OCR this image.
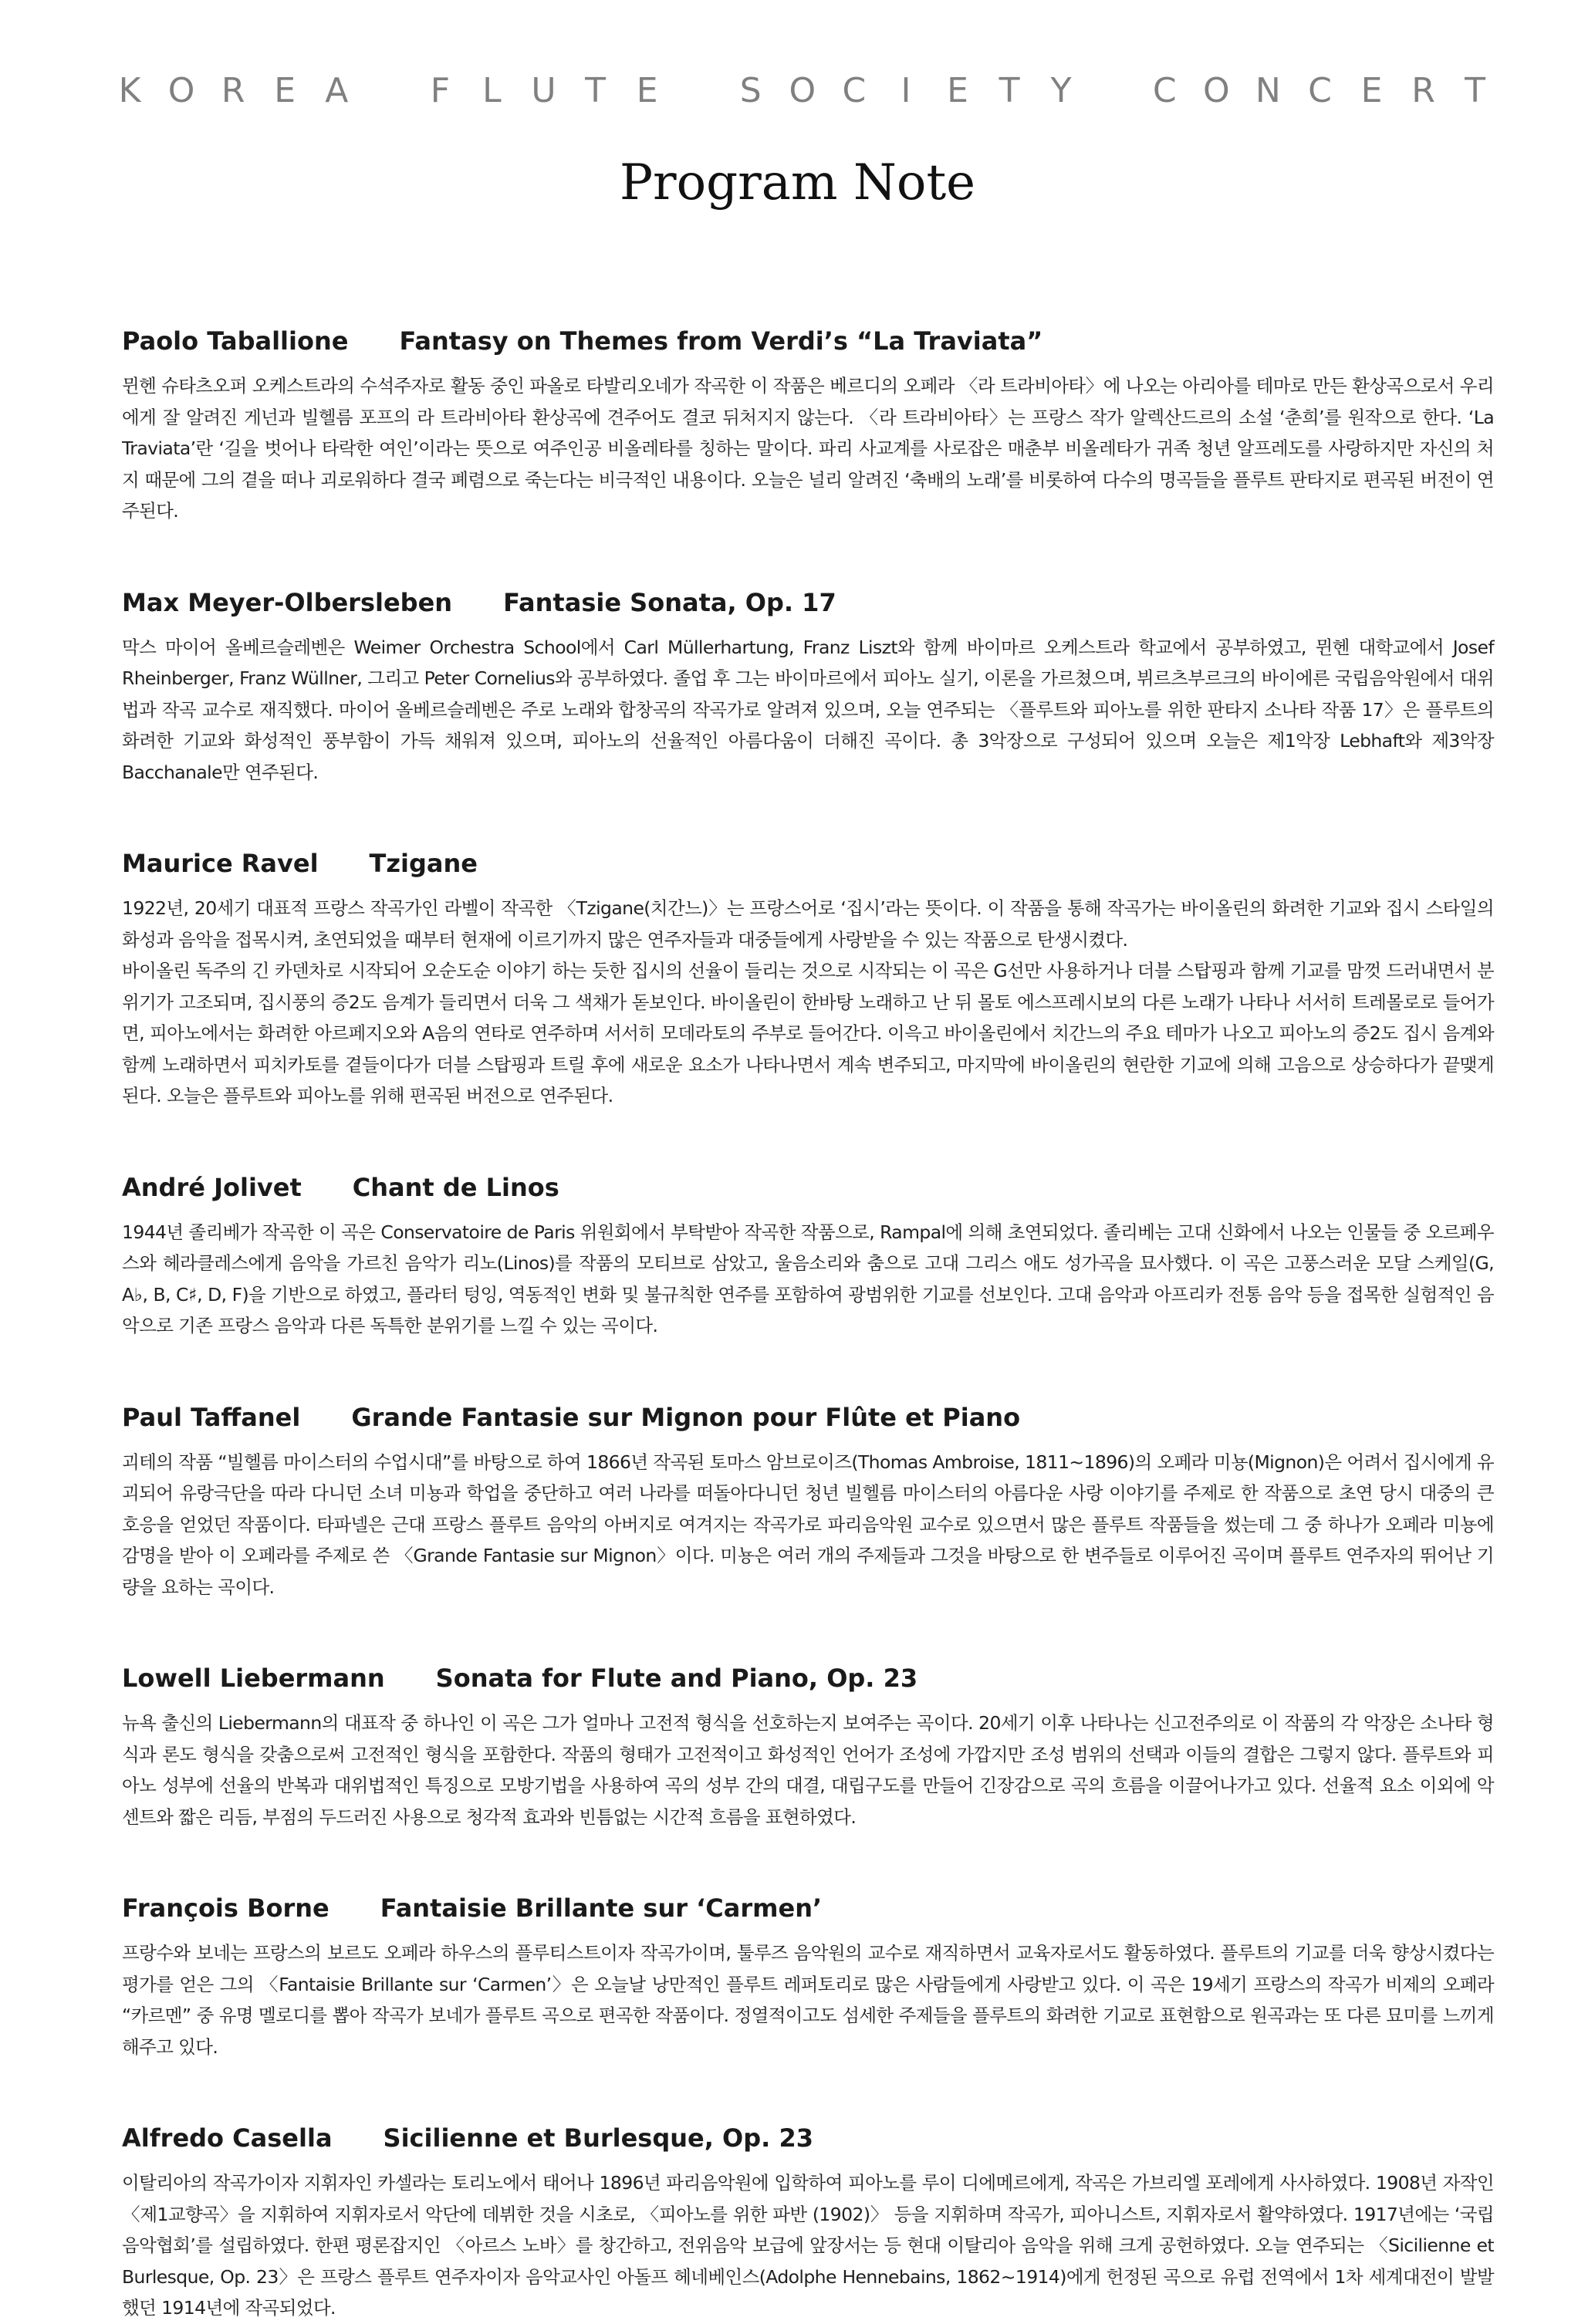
K O R E A F L U T E S O C I E T Y C O N C E R T
Program Note
Paolo Taballione Fantasy on Themes from Verdi’s “La Traviata”

뮌헨 슈타츠오퍼 오케스트라의 수석주자로 활동 중인 파올로 타발리오네가 작곡한 이 작품은 베르디의 오페라 〈라 트라비아타〉에 나오는 아리아를 테마로 만든 환상곡으로서 우리에게 잘 알려진 게넌과 빌헬름 포프의 라 트라비아타 환상곡에 견주어도 결코 뒤처지지 않는다. 〈라 트라비아타〉는 프랑스 작가 알렉산드르의 소설 ‘춘희’를 원작으로 한다. ‘La Traviata’란 ‘길을 벗어나 타락한 여인’이라는 뜻으로 여주인공 비올레타를 칭하는 말이다. 파리 사교계를 사로잡은 매춘부 비올레타가 귀족 청년 알프레도를 사랑하지만 자신의 처지 때문에 그의 곁을 떠나 괴로워하다 결국 폐렴으로 죽는다는 비극적인 내용이다. 오늘은 널리 알려진 ‘축배의 노래’를 비롯하여 다수의 명곡들을 플루트 판타지로 편곡된 버전이 연주된다.

Max Meyer-Olbersleben Fantasie Sonata, Op. 17

막스 마이어 올베르슬레벤은 Weimer Orchestra School에서 Carl Müllerhartung, Franz Liszt와 함께 바이마르 오케스트라 학교에서 공부하였고, 뮌헨 대학교에서 Josef Rheinberger, Franz Wüllner, 그리고 Peter Cornelius와 공부하였다. 졸업 후 그는 바이마르에서 피아노 실기, 이론을 가르쳤으며, 뷔르츠부르크의 바이에른 국립음악원에서 대위법과 작곡 교수로 재직했다. 마이어 올베르슬레벤은 주로 노래와 합창곡의 작곡가로 알려져 있으며, 오늘 연주되는 〈플루트와 피아노를 위한 판타지 소나타 작품 17〉은 플루트의 화려한 기교와 화성적인 풍부함이 가득 채워져 있으며, 피아노의 선율적인 아름다움이 더해진 곡이다. 총 3악장으로 구성되어 있으며 오늘은 제1악장 Lebhaft와 제3악장 Bacchanale만 연주된다.

Maurice Ravel Tzigane

1922년, 20세기 대표적 프랑스 작곡가인 라벨이 작곡한 〈Tzigane(치간느)〉는 프랑스어로 ‘집시’라는 뜻이다. 이 작품을 통해 작곡가는 바이올린의 화려한 기교와 집시 스타일의 화성과 음악을 접목시켜, 초연되었을 때부터 현재에 이르기까지 많은 연주자들과 대중들에게 사랑받을 수 있는 작품으로 탄생시켰다.

바이올린 독주의 긴 카덴차로 시작되어 오순도순 이야기 하는 듯한 집시의 선율이 들리는 것으로 시작되는 이 곡은 G선만 사용하거나 더블 스탑핑과 함께 기교를 맘껏 드러내면서 분위기가 고조되며, 집시풍의 증2도 음계가 들리면서 더욱 그 색채가 돋보인다. 바이올린이 한바탕 노래하고 난 뒤 몰토 에스프레시보의 다른 노래가 나타나 서서히 트레몰로로 들어가면, 피아노에서는 화려한 아르페지오와 A음의 연타로 연주하며 서서히 모데라토의 주부로 들어간다. 이윽고 바이올린에서 치간느의 주요 테마가 나오고 피아노의 증2도 집시 음계와 함께 노래하면서 피치카토를 곁들이다가 더블 스탑핑과 트릴 후에 새로운 요소가 나타나면서 계속 변주되고, 마지막에 바이올린의 현란한 기교에 의해 고음으로 상승하다가 끝맺게 된다. 오늘은 플루트와 피아노를 위해 편곡된 버전으로 연주된다.

André Jolivet Chant de Linos

1944년 졸리베가 작곡한 이 곡은 Conservatoire de Paris 위원회에서 부탁받아 작곡한 작품으로, Rampal에 의해 초연되었다. 졸리베는 고대 신화에서 나오는 인물들 중 오르페우스와 헤라클레스에게 음악을 가르친 음악가 리노(Linos)를 작품의 모티브로 삼았고, 울음소리와 춤으로 고대 그리스 애도 성가곡을 묘사했다. 이 곡은 고풍스러운 모달 스케일(G, A♭, B, C♯, D, F)을 기반으로 하였고, 플라터 텅잉, 역동적인 변화 및 불규칙한 연주를 포함하여 광범위한 기교를 선보인다. 고대 음악과 아프리카 전통 음악 등을 접목한 실험적인 음악으로 기존 프랑스 음악과 다른 독특한 분위기를 느낄 수 있는 곡이다.

Paul Taffanel Grande Fantasie sur Mignon pour Flûte et Piano

괴테의 작품 “빌헬름 마이스터의 수업시대”를 바탕으로 하여 1866년 작곡된 토마스 암브로이즈(Thomas Ambroise, 1811~1896)의 오페라 미뇽(Mignon)은 어려서 집시에게 유괴되어 유랑극단을 따라 다니던 소녀 미뇽과 학업을 중단하고 여러 나라를 떠돌아다니던 청년 빌헬름 마이스터의 아름다운 사랑 이야기를 주제로 한 작품으로 초연 당시 대중의 큰 호응을 얻었던 작품이다. 타파넬은 근대 프랑스 플루트 음악의 아버지로 여겨지는 작곡가로 파리음악원 교수로 있으면서 많은 플루트 작품들을 썼는데 그 중 하나가 오페라 미뇽에 감명을 받아 이 오페라를 주제로 쓴 〈Grande Fantasie sur Mignon〉이다. 미뇽은 여러 개의 주제들과 그것을 바탕으로 한 변주들로 이루어진 곡이며 플루트 연주자의 뛰어난 기량을 요하는 곡이다.

Lowell Liebermann Sonata for Flute and Piano, Op. 23

뉴욕 출신의 Liebermann의 대표작 중 하나인 이 곡은 그가 얼마나 고전적 형식을 선호하는지 보여주는 곡이다. 20세기 이후 나타나는 신고전주의로 이 작품의 각 악장은 소나타 형식과 론도 형식을 갖춤으로써 고전적인 형식을 포함한다. 작품의 형태가 고전적이고 화성적인 언어가 조성에 가깝지만 조성 범위의 선택과 이들의 결합은 그렇지 않다. 플루트와 피아노 성부에 선율의 반복과 대위법적인 특징으로 모방기법을 사용하여 곡의 성부 간의 대결, 대립구도를 만들어 긴장감으로 곡의 흐름을 이끌어나가고 있다. 선율적 요소 이외에 악센트와 짧은 리듬, 부점의 두드러진 사용으로 청각적 효과와 빈틈없는 시간적 흐름을 표현하였다.

François Borne Fantaisie Brillante sur ‘Carmen’

프랑수와 보네는 프랑스의 보르도 오페라 하우스의 플루티스트이자 작곡가이며, 툴루즈 음악원의 교수로 재직하면서 교육자로서도 활동하였다. 플루트의 기교를 더욱 향상시켰다는 평가를 얻은 그의 〈Fantaisie Brillante sur ‘Carmen’〉은 오늘날 낭만적인 플루트 레퍼토리로 많은 사람들에게 사랑받고 있다. 이 곡은 19세기 프랑스의 작곡가 비제의 오페라 “카르멘” 중 유명 멜로디를 뽑아 작곡가 보네가 플루트 곡으로 편곡한 작품이다. 정열적이고도 섬세한 주제들을 플루트의 화려한 기교로 표현함으로 원곡과는 또 다른 묘미를 느끼게 해주고 있다.

Alfredo Casella Sicilienne et Burlesque, Op. 23

이탈리아의 작곡가이자 지휘자인 카셀라는 토리노에서 태어나 1896년 파리음악원에 입학하여 피아노를 루이 디에메르에게, 작곡은 가브리엘 포레에게 사사하였다. 1908년 자작인 〈제1교향곡〉을 지휘하여 지휘자로서 악단에 데뷔한 것을 시초로, 〈피아노를 위한 파반 (1902)〉 등을 지휘하며 작곡가, 피아니스트, 지휘자로서 활약하였다. 1917년에는 ‘국립음악협회’를 설립하였다. 한편 평론잡지인 〈아르스 노바〉를 창간하고, 전위음악 보급에 앞장서는 등 현대 이탈리아 음악을 위해 크게 공헌하였다. 오늘 연주되는 〈Sicilienne et Burlesque, Op. 23〉은 프랑스 플루트 연주자이자 음악교사인 아돌프 헤네베인스(Adolphe Hennebains, 1862~1914)에게 헌정된 곡으로 유럽 전역에서 1차 세계대전이 발발했던 1914년에 작곡되었다.
